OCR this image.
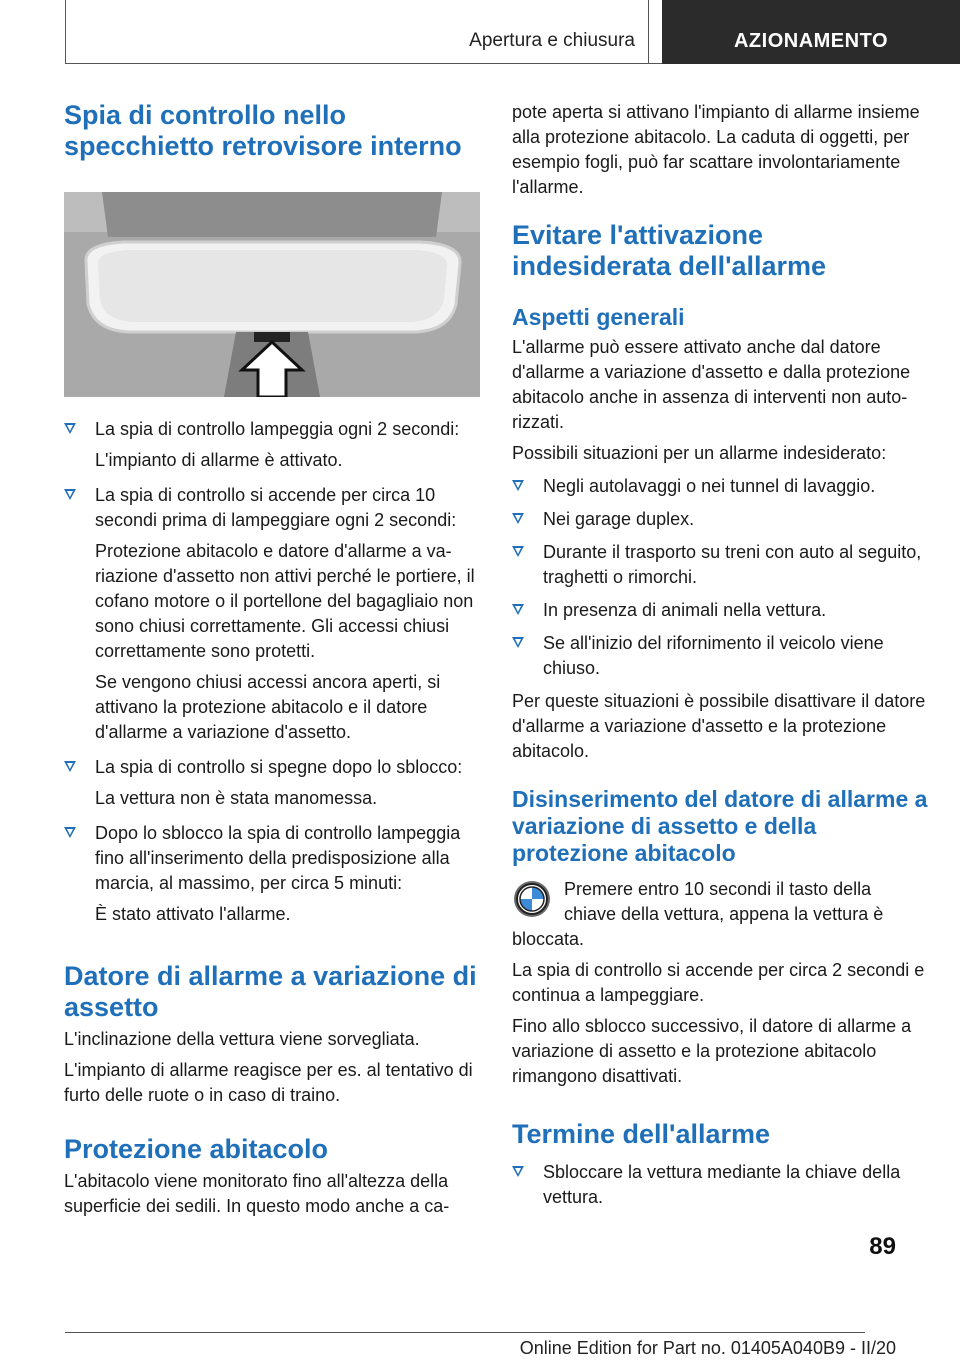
Apertura e chiusura	AZIONAMENTO
Spia di controllo nello specchietto retrovisore interno
La spia di controllo lampeggia ogni 2 secondi:
L'impianto di allarme è attivato.
La spia di controllo si accende per circa 10 secondi prima di lampeggiare ogni 2 secondi:
Protezione abitacolo e datore d'allarme a variazione d'assetto non attivi perché le portiere, il cofano motore o il portellone del bagagliaio non sono chiusi correttamente. Gli accessi chiusi correttamente sono protetti.
Se vengono chiusi accessi ancora aperti, si attivano la protezione abitacolo e il datore d'allarme a variazione d'assetto.
La spia di controllo si spegne dopo lo sblocco:
La vettura non è stata manomessa.
Dopo lo sblocco la spia di controllo lampeggia fino all'inserimento della predisposizione alla marcia, al massimo, per circa 5 minuti:
È stato attivato l'allarme.
Datore di allarme a variazione di assetto

L'inclinazione della vettura viene sorvegliata.

L'impianto di allarme reagisce per es. al tentativo di furto delle ruote o in caso di traino.

Protezione abitacolo

L'abitacolo viene monitorato fino all'altezza della superficie dei sedili. In questo modo anche a ca-

pote aperta si attivano l'impianto di allarme insieme alla protezione abitacolo. La caduta di oggetti, per esempio fogli, può far scattare involontariamente l'allarme.

Evitare l'attivazione indesiderata dell'allarme
Aspetti generali

L'allarme può essere attivato anche dal datore d'allarme a variazione d'assetto e dalla protezione abitacolo anche in assenza di interventi non autorizzati.

Possibili situazioni per un allarme indesiderato:

Negli autolavaggi o nei tunnel di lavaggio.
Nei garage duplex.
Durante il trasporto su treni con auto al seguito, traghetti o rimorchi.
In presenza di animali nella vettura.
Se all'inizio del rifornimento il veicolo viene chiuso.

Per queste situazioni è possibile disattivare il datore d'allarme a variazione d'assetto e la protezione abitacolo.

Disinserimento del datore di allarme a variazione di assetto e della protezione abitacolo

Premere entro 10 secondi il tasto della chiave della vettura, appena la vettura è

bloccata.

La spia di controllo si accende per circa 2 secondi e continua a lampeggiare.

Fino allo sblocco successivo, il datore di allarme a variazione di assetto e la protezione abitacolo rimangono disattivati.

Termine dell'allarme
Sbloccare la vettura mediante la chiave della vettura.
89
Online Edition for Part no. 01405A040B9 - II/20
